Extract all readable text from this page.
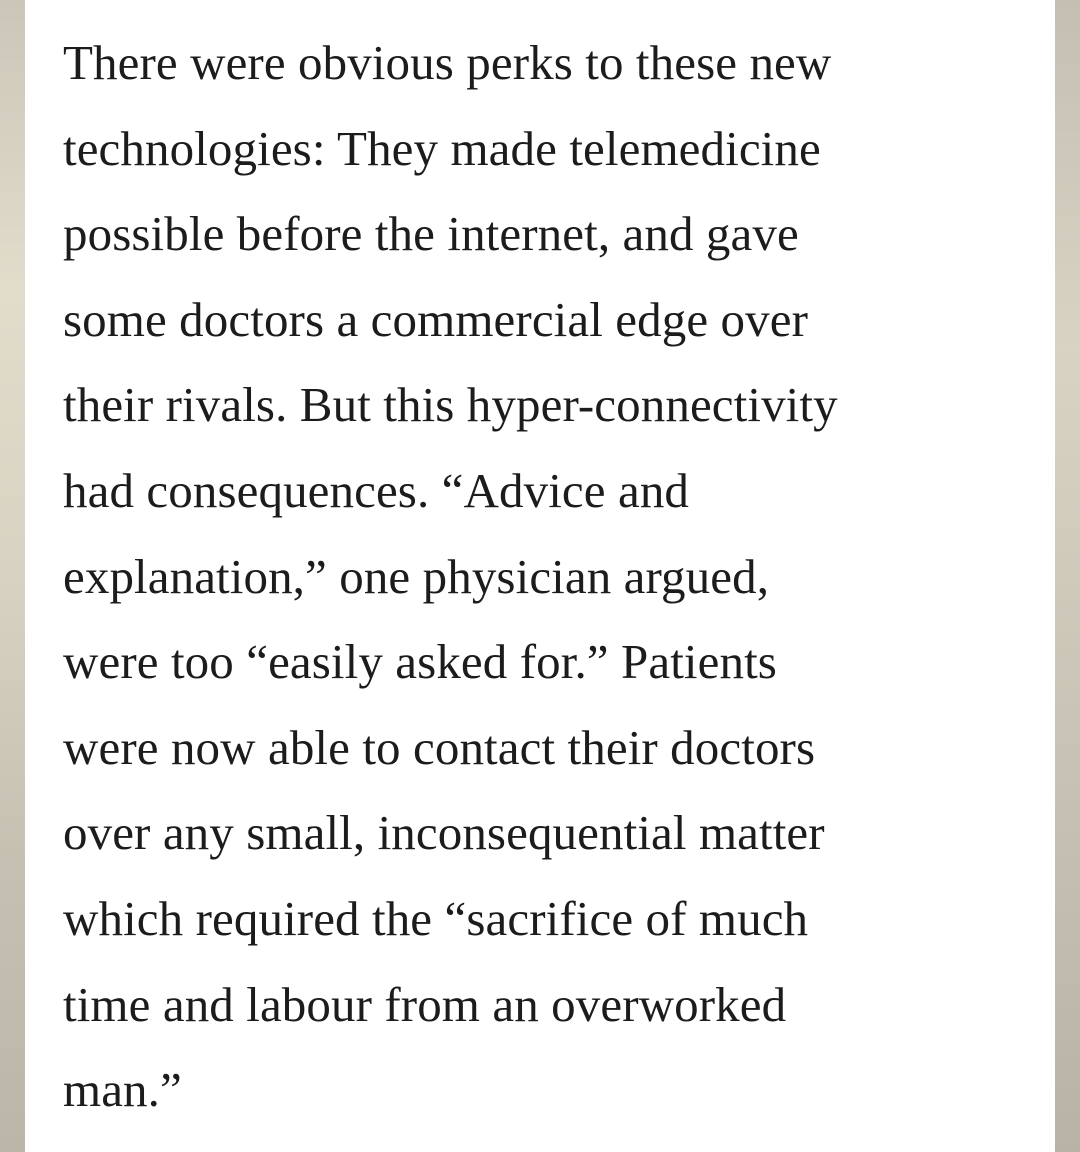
There were obvious perks to these new
technologies: They made telemedicine
possible before the internet, and gave
some doctors a commercial edge over
their rivals. But this hyper-connectivity
had consequences. “Advice and
explanation,” one physician argued,
were too “easily asked for.” Patients
were now able to contact their doctors
over any small, inconsequential matter
which required the “sacrifice of much
time and labour from an overworked
man.”
